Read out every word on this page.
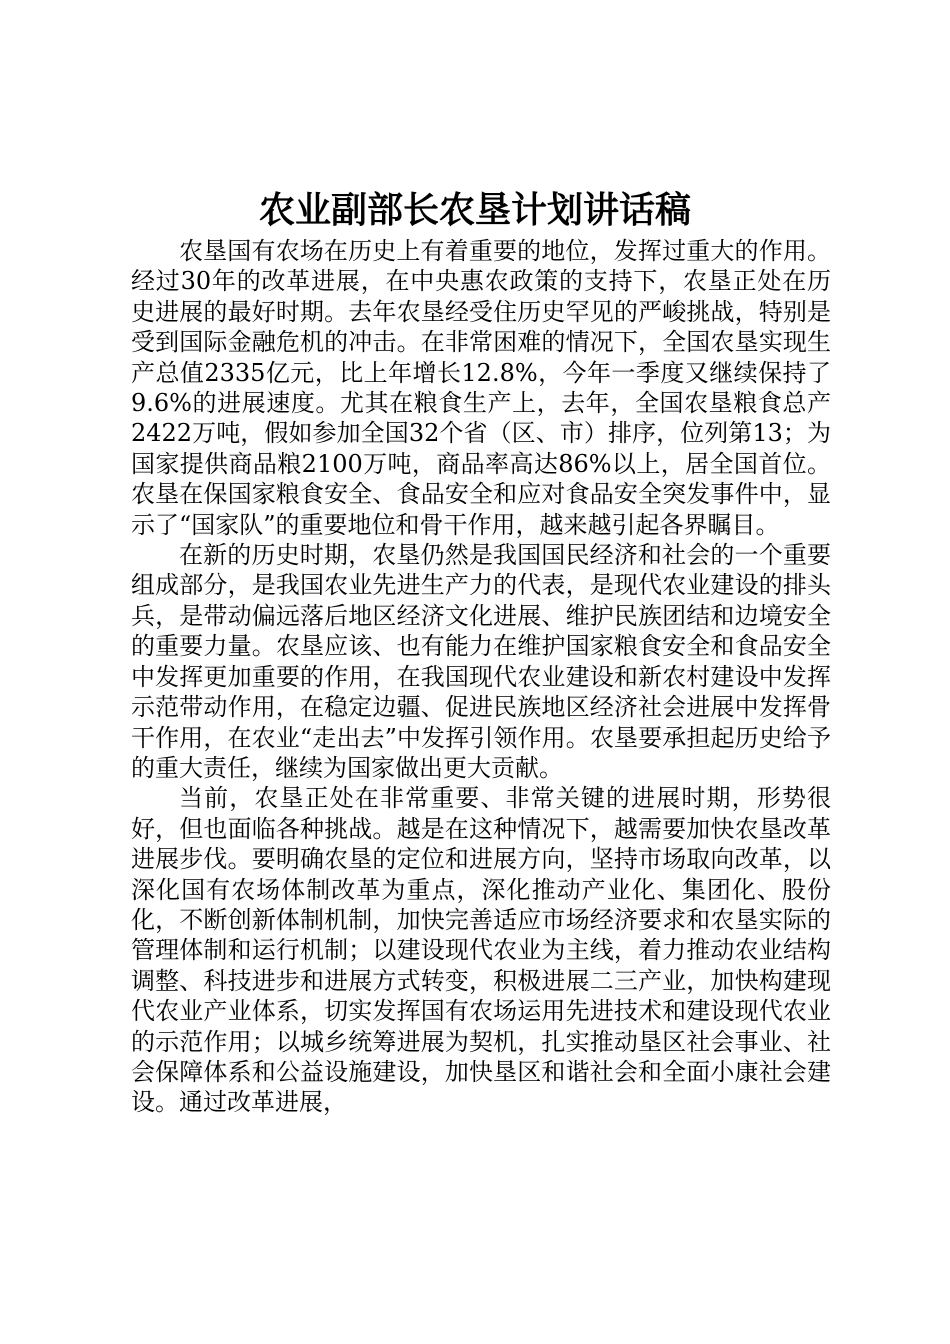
农业副部长农垦计划讲话稿

农垦国有农场在历史上有着重要的地位，发挥过重大的作用。经过30年的改革进展，在中央惠农政策的支持下，农垦正处在历史进展的最好时期。去年农垦经受住历史罕见的严峻挑战，特别是受到国际金融危机的冲击。在非常困难的情况下，全国农垦实现生产总值2335亿元，比上年增长12.8%，今年一季度又继续保持了9.6%的进展速度。尤其在粮食生产上，去年，全国农垦粮食总产2422万吨，假如参加全国32个省（区、市）排序，位列第13；为国家提供商品粮2100万吨，商品率高达86%以上，居全国首位。农垦在保国家粮食安全、食品安全和应对食品安全突发事件中，显示了“国家队”的重要地位和骨干作用，越来越引起各界瞩目。

在新的历史时期，农垦仍然是我国国民经济和社会的一个重要组成部分，是我国农业先进生产力的代表，是现代农业建设的排头兵，是带动偏远落后地区经济文化进展、维护民族团结和边境安全的重要力量。农垦应该、也有能力在维护国家粮食安全和食品安全中发挥更加重要的作用，在我国现代农业建设和新农村建设中发挥示范带动作用，在稳定边疆、促进民族地区经济社会进展中发挥骨干作用，在农业“走出去”中发挥引领作用。农垦要承担起历史给予的重大责任，继续为国家做出更大贡献。

当前，农垦正处在非常重要、非常关键的进展时期，形势很好，但也面临各种挑战。越是在这种情况下，越需要加快农垦改革进展步伐。要明确农垦的定位和进展方向，坚持市场取向改革，以深化国有农场体制改革为重点，深化推动产业化、集团化、股份化，不断创新体制机制，加快完善适应市场经济要求和农垦实际的管理体制和运行机制；以建设现代农业为主线，着力推动农业结构调整、科技进步和进展方式转变，积极进展二三产业，加快构建现代农业产业体系，切实发挥国有农场运用先进技术和建设现代农业的示范作用；以城乡统筹进展为契机，扎实推动垦区社会事业、社会保障体系和公益设施建设，加快垦区和谐社会和全面小康社会建设。通过改革进展，
